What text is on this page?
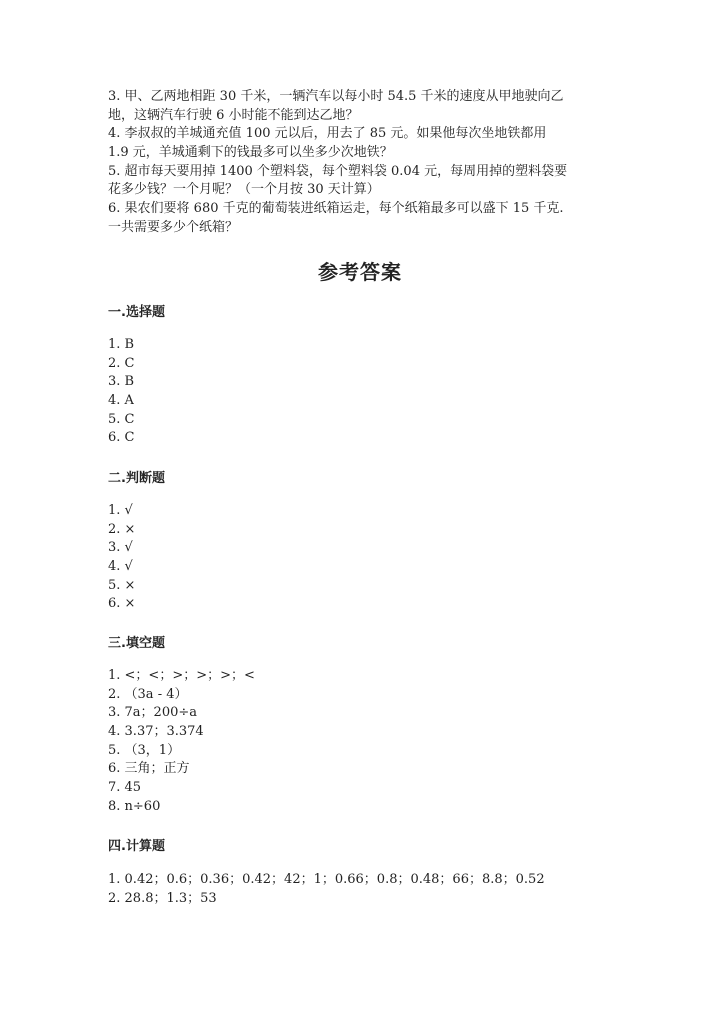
3. 甲、乙两地相距 30 千米，一辆汽车以每小时 54.5 千米的速度从甲地驶向乙
地，这辆汽车行驶 6 小时能不能到达乙地？
4. 李叔叔的羊城通充值 100 元以后，用去了 85 元。如果他每次坐地铁都用
1.9 元，羊城通剩下的钱最多可以坐多少次地铁？
5. 超市每天要用掉 1400 个塑料袋，每个塑料袋 0.04 元，每周用掉的塑料袋要
花多少钱？一个月呢？（一个月按 30 天计算）
6. 果农们要将 680 千克的葡萄装进纸箱运走，每个纸箱最多可以盛下 15 千克.
一共需要多少个纸箱？
参考答案
一.选择题
1. B
2. C
3. B
4. A
5. C
6. C
二.判断题
1. √
2. ×
3. √
4. √
5. ×
6. ×
三.填空题
1. <；<；>；>；>；<
2. （3a - 4）
3. 7a；200÷a
4. 3.37；3.374
5. （3，1）
6. 三角；正方
7. 45
8. n÷60
四.计算题
1. 0.42；0.6；0.36；0.42；42；1；0.66；0.8；0.48；66；8.8；0.52
2. 28.8；1.3；53
